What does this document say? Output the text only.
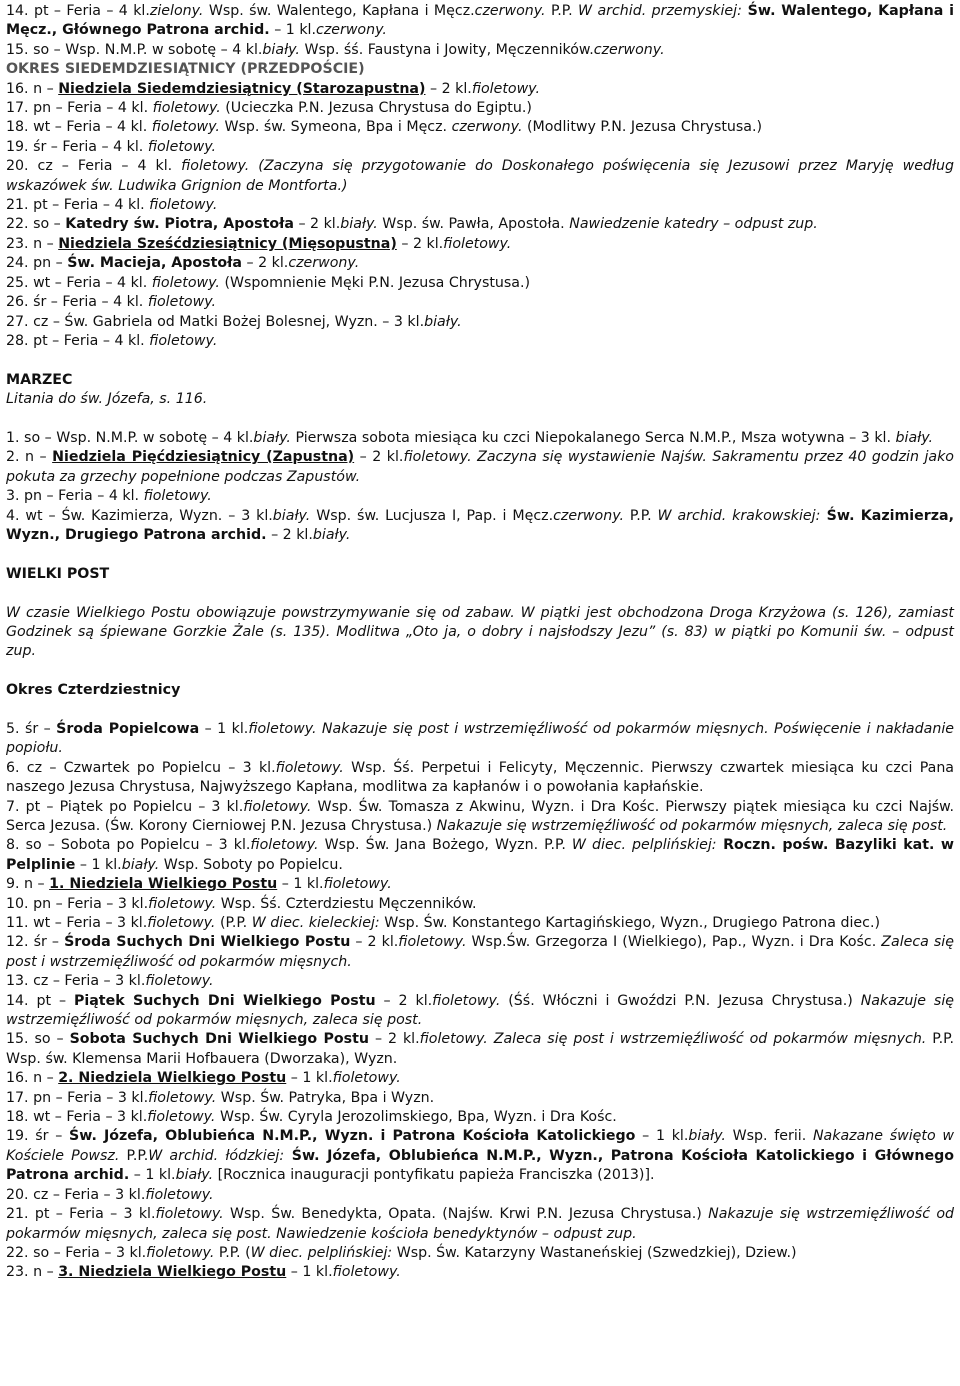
14. pt – Feria – 4 kl.zielony. Wsp. św. Walentego, Kapłana i Męcz.czerwony. P.P. W archid. przemyskiej: Św. Walentego, Kapłana i Męcz., Głównego Patrona archid. – 1 kl.czerwony.

15. so – Wsp. N.M.P. w sobotę – 4 kl.biały. Wsp. śś. Faustyna i Jowity, Męczenników.czerwony.

OKRES SIEDEMDZIESIĄTNICY (PRZEDPOŚCIE)

16. n – Niedziela Siedemdziesiątnicy (Starozapustna) – 2 kl.fioletowy.

17. pn – Feria – 4 kl. fioletowy. (Ucieczka P.N. Jezusa Chrystusa do Egiptu.)

18. wt – Feria – 4 kl. fioletowy. Wsp. św. Symeona, Bpa i Męcz. czerwony. (Modlitwy P.N. Jezusa Chrystusa.)

19. śr – Feria – 4 kl. fioletowy.

20. cz – Feria – 4 kl. fioletowy. (Zaczyna się przygotowanie do Doskonałego poświęcenia się Jezusowi przez Maryję według wskazówek św. Ludwika Grignion de Montforta.)

21. pt – Feria – 4 kl. fioletowy.

22. so – Katedry św. Piotra, Apostoła – 2 kl.biały. Wsp. św. Pawła, Apostoła. Nawiedzenie katedry – odpust zup.

23. n – Niedziela Sześćdziesiątnicy (Mięsopustna) – 2 kl.fioletowy.

24. pn – Św. Macieja, Apostoła – 2 kl.czerwony.

25. wt – Feria – 4 kl. fioletowy. (Wspomnienie Męki P.N. Jezusa Chrystusa.)

26. śr – Feria – 4 kl. fioletowy.

27. cz – Św. Gabriela od Matki Bożej Bolesnej, Wyzn. – 3 kl.biały.

28. pt – Feria – 4 kl. fioletowy.

MARZEC

Litania do św. Józefa, s. 116.

1. so – Wsp. N.M.P. w sobotę – 4 kl.biały. Pierwsza sobota miesiąca ku czci Niepokalanego Serca N.M.P., Msza wotywna – 3 kl. biały.

2. n – Niedziela Pięćdziesiątnicy (Zapustna) – 2 kl.fioletowy. Zaczyna się wystawienie Najśw. Sakramentu przez 40 godzin jako pokuta za grzechy popełnione podczas Zapustów.

3. pn – Feria – 4 kl. fioletowy.

4. wt – Św. Kazimierza, Wyzn. – 3 kl.biały. Wsp. św. Lucjusza I, Pap. i Męcz.czerwony. P.P. W archid. krakowskiej: Św. Kazimierza, Wyzn., Drugiego Patrona archid. – 2 kl.biały.

WIELKI POST

W czasie Wielkiego Postu obowiązuje powstrzymywanie się od zabaw. W piątki jest obchodzona Droga Krzyżowa (s. 126), zamiast Godzinek są śpiewane Gorzkie Żale (s. 135). Modlitwa „Oto ja, o dobry i najsłodszy Jezu” (s. 83) w piątki po Komunii św. – odpust zup.

Okres Czterdziestnicy

5. śr – Środa Popielcowa – 1 kl.fioletowy. Nakazuje się post i wstrzemięźliwość od pokarmów mięsnych. Poświęcenie i nakładanie popiołu.

6. cz – Czwartek po Popielcu – 3 kl.fioletowy. Wsp. Śś. Perpetui i Felicyty, Męczennic. Pierwszy czwartek miesiąca ku czci Pana naszego Jezusa Chrystusa, Najwyższego Kapłana, modlitwa za kapłanów i o powołania kapłańskie.

7. pt – Piątek po Popielcu – 3 kl.fioletowy. Wsp. Św. Tomasza z Akwinu, Wyzn. i Dra Kośc. Pierwszy piątek miesiąca ku czci Najśw. Serca Jezusa. (Św. Korony Cierniowej P.N. Jezusa Chrystusa.) Nakazuje się wstrzemięźliwość od pokarmów mięsnych, zaleca się post.

8. so – Sobota po Popielcu – 3 kl.fioletowy. Wsp. Św. Jana Bożego, Wyzn. P.P. W diec. pelplińskiej: Roczn. pośw. Bazyliki kat. w Pelplinie – 1 kl.biały. Wsp. Soboty po Popielcu.

9. n – 1. Niedziela Wielkiego Postu – 1 kl.fioletowy.

10. pn – Feria – 3 kl.fioletowy. Wsp. Śś. Czterdziestu Męczenników.

11. wt – Feria – 3 kl.fioletowy. (P.P. W diec. kieleckiej: Wsp. Św. Konstantego Kartagińskiego, Wyzn., Drugiego Patrona diec.)

12. śr – Środa Suchych Dni Wielkiego Postu – 2 kl.fioletowy. Wsp.Św. Grzegorza I (Wielkiego), Pap., Wyzn. i Dra Kośc. Zaleca się post i wstrzemięźliwość od pokarmów mięsnych.

13. cz – Feria – 3 kl.fioletowy.

14. pt – Piątek Suchych Dni Wielkiego Postu – 2 kl.fioletowy. (Śś. Włóczni i Gwoździ P.N. Jezusa Chrystusa.) Nakazuje się wstrzemięźliwość od pokarmów mięsnych, zaleca się post.

15. so – Sobota Suchych Dni Wielkiego Postu – 2 kl.fioletowy. Zaleca się post i wstrzemięźliwość od pokarmów mięsnych. P.P. Wsp. św. Klemensa Marii Hofbauera (Dworzaka), Wyzn.

16. n – 2. Niedziela Wielkiego Postu – 1 kl.fioletowy.

17. pn – Feria – 3 kl.fioletowy. Wsp. Św. Patryka, Bpa i Wyzn.

18. wt – Feria – 3 kl.fioletowy. Wsp. Św. Cyryla Jerozolimskiego, Bpa, Wyzn. i Dra Kośc.

19. śr – Św. Józefa, Oblubieńca N.M.P., Wyzn. i Patrona Kościoła Katolickiego – 1 kl.biały. Wsp. ferii. Nakazane święto w Kościele Powsz. P.P.W archid. łódzkiej: Św. Józefa, Oblubieńca N.M.P., Wyzn., Patrona Kościoła Katolickiego i Głównego Patrona archid. – 1 kl.biały. [Rocznica inauguracji pontyfikatu papieża Franciszka (2013)].

20. cz – Feria – 3 kl.fioletowy.

21. pt – Feria – 3 kl.fioletowy. Wsp. Św. Benedykta, Opata. (Najśw. Krwi P.N. Jezusa Chrystusa.) Nakazuje się wstrzemięźliwość od pokarmów mięsnych, zaleca się post. Nawiedzenie kościoła benedyktynów – odpust zup.

22. so – Feria – 3 kl.fioletowy. P.P. (W diec. pelplińskiej: Wsp. Św. Katarzyny Wastaneńskiej (Szwedzkiej), Dziew.)

23. n – 3. Niedziela Wielkiego Postu – 1 kl.fioletowy.
